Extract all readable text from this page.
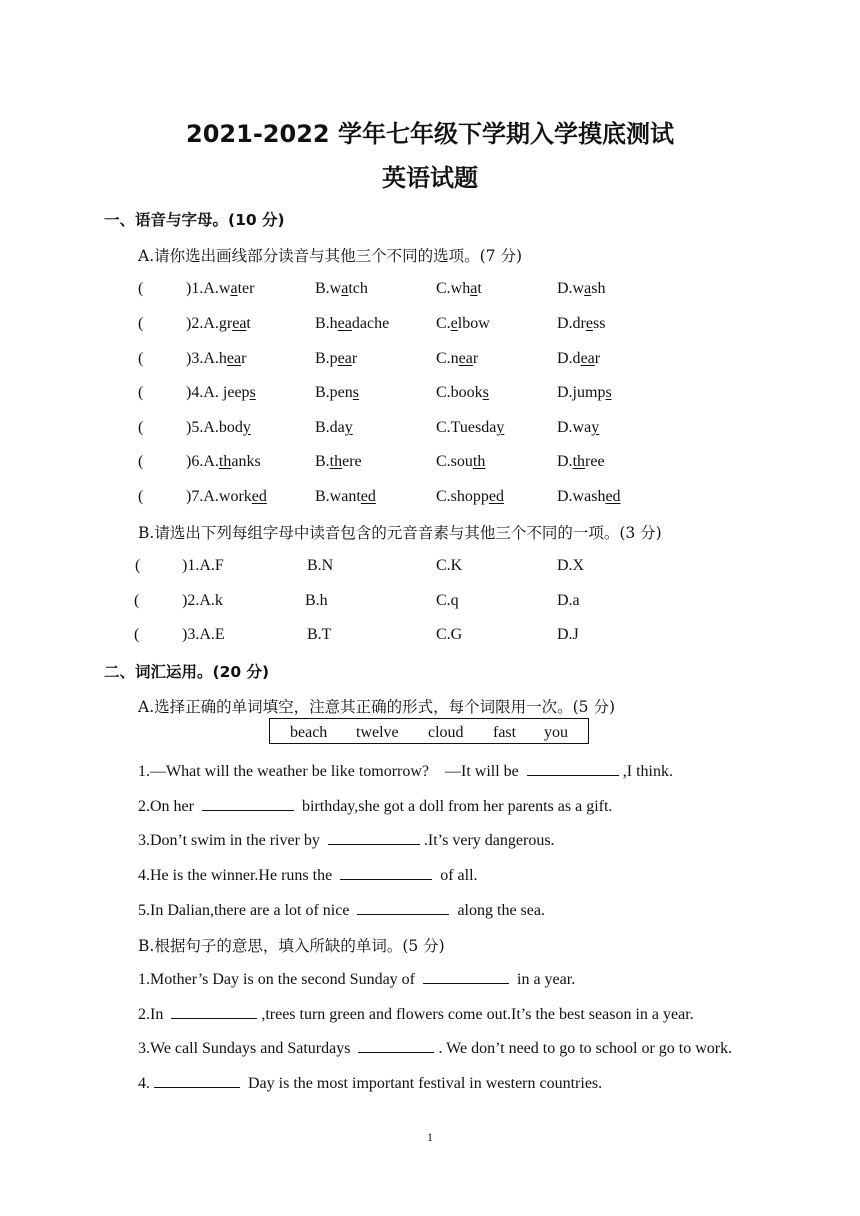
2021-2022 学年七年级下学期入学摸底测试
英语试题
一、语音与字母。(10 分)
A.请你选出画线部分读音与其他三个不同的选项。(7 分)
(	)1.A.water	B.watch	C.what	D.wash
(	)2.A.great	B.headache	C.elbow	D.dress
(	)3.A.hear	B.pear	C.near	D.dear
(	)4.A. jeeps	B.pens	C.books	D.jumps
(	)5.A.body	B.day	C.Tuesday	D.way
(	)6.A.thanks	B.there	C.south	D.three
(	)7.A.worked	B.wanted	C.shopped	D.washed
B.请选出下列每组字母中读音包含的元音音素与其他三个不同的一项。(3 分)
(	)1.A.F	B.N	C.K	D.X
(	)2.A.k	B.h	C.q	D.a
(	)3.A.E	B.T	C.G	D.J
二、词汇运用。(20 分)
A.选择正确的单词填空，注意其正确的形式，每个词限用一次。(5 分)
beach twelve cloud fast you
1.—What will the weather be like tomorrow?    —It will be	,I think.
2.On her	birthday,she got a doll from her parents as a gift.
3.Don’t swim in the river by	.It’s very dangerous.
4.He is the winner.He runs the	of all.
5.In Dalian,there are a lot of nice	along the sea.
B.根据句子的意思，填入所缺的单词。(5 分)
1.Mother’s Day is on the second Sunday of	in a year.
2.In	,trees turn green and flowers come out.It’s the best season in a year.
3.We call Sundays and Saturdays	. We don’t need to go to school or go to work.
4.	Day is the most important festival in western countries.
1
